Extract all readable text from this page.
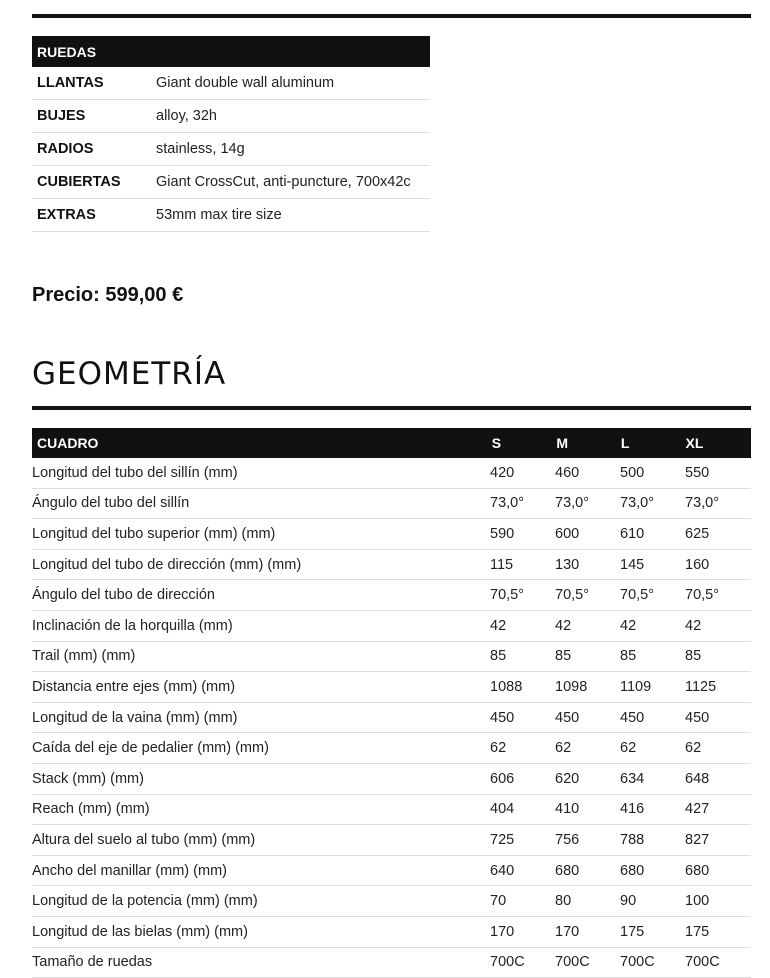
RUEDAS
LLANTAS	Giant double wall aluminum
BUJES	alloy, 32h
RADIOS	stainless, 14g
CUBIERTAS	Giant CrossCut, anti-puncture, 700x42c
EXTRAS	53mm max tire size
Precio: 599,00 €
GEOMETRÍA
CUADRO	S	M	L	XL
Longitud del tubo del sillín (mm)	420	460	500	550
Ángulo del tubo del sillín	73,0°	73,0°	73,0°	73,0°
Longitud del tubo superior (mm) (mm)	590	600	610	625
Longitud del tubo de dirección (mm) (mm)	115	130	145	160
Ángulo del tubo de dirección	70,5°	70,5°	70,5°	70,5°
Inclinación de la horquilla (mm)	42	42	42	42
Trail (mm) (mm)	85	85	85	85
Distancia entre ejes (mm) (mm)	1088	1098	1109	1125
Longitud de la vaina (mm) (mm)	450	450	450	450
Caída del eje de pedalier (mm) (mm)	62	62	62	62
Stack (mm) (mm)	606	620	634	648
Reach (mm) (mm)	404	410	416	427
Altura del suelo al tubo (mm) (mm)	725	756	788	827
Ancho del manillar (mm) (mm)	640	680	680	680
Longitud de la potencia (mm) (mm)	70	80	90	100
Longitud de las bielas (mm) (mm)	170	170	175	175
Tamaño de ruedas	700C	700C	700C	700C
